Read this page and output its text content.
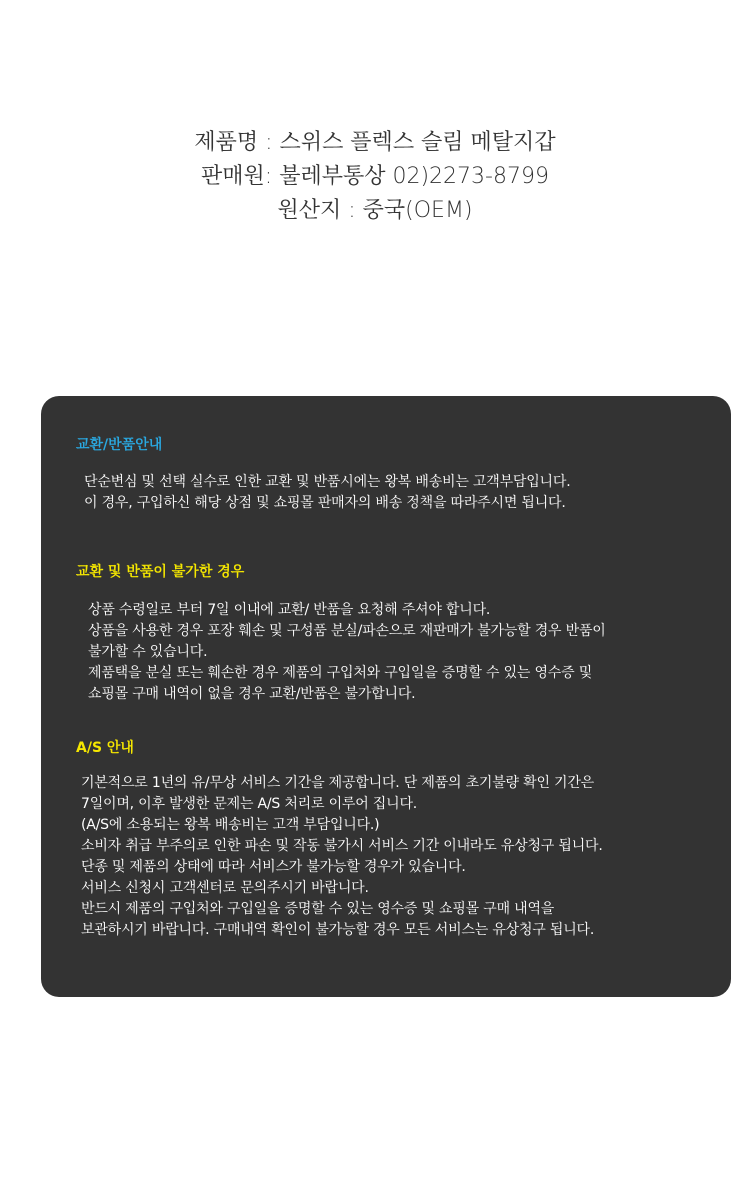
제품명 : 스위스 플렉스 슬림 메탈지갑
판매원: 불레부통상 02)2273-8799
원산지 : 중국(OEM)
교환/반품안내
단순변심 및 선택 실수로 인한 교환 및 반품시에는 왕복 배송비는 고객부담입니다.
이 경우, 구입하신 해당 상점 및 쇼핑몰 판매자의 배송 정책을 따라주시면 됩니다.
교환 및 반품이 불가한 경우
상품 수령일로 부터 7일 이내에 교환/ 반품을 요청해 주셔야 합니다.
상품을 사용한 경우 포장 훼손 및 구성품 분실/파손으로 재판매가 불가능할 경우 반품이
불가할 수 있습니다.
제품택을 분실 또는 훼손한 경우 제품의 구입처와 구입일을 증명할 수 있는 영수증 및
쇼핑몰 구매 내역이 없을 경우 교환/반품은 불가합니다.
A/S 안내
기본적으로 1년의 유/무상 서비스 기간을 제공합니다. 단 제품의 초기불량 확인 기간은
7일이며, 이후 발생한 문제는 A/S 처리로 이루어 집니다.
(A/S에 소용되는 왕복 배송비는 고객 부담입니다.)
소비자 취급 부주의로 인한 파손 및 작동 불가시 서비스 기간 이내라도 유상청구 됩니다.
단종 및 제품의 상태에 따라 서비스가 불가능할 경우가 있습니다.
서비스 신청시 고객센터로 문의주시기 바랍니다.
반드시 제품의 구입처와 구입일을 증명할 수 있는 영수증 및 쇼핑몰 구매 내역을
보관하시기 바랍니다. 구매내역 확인이 불가능할 경우 모든 서비스는 유상청구 됩니다.
